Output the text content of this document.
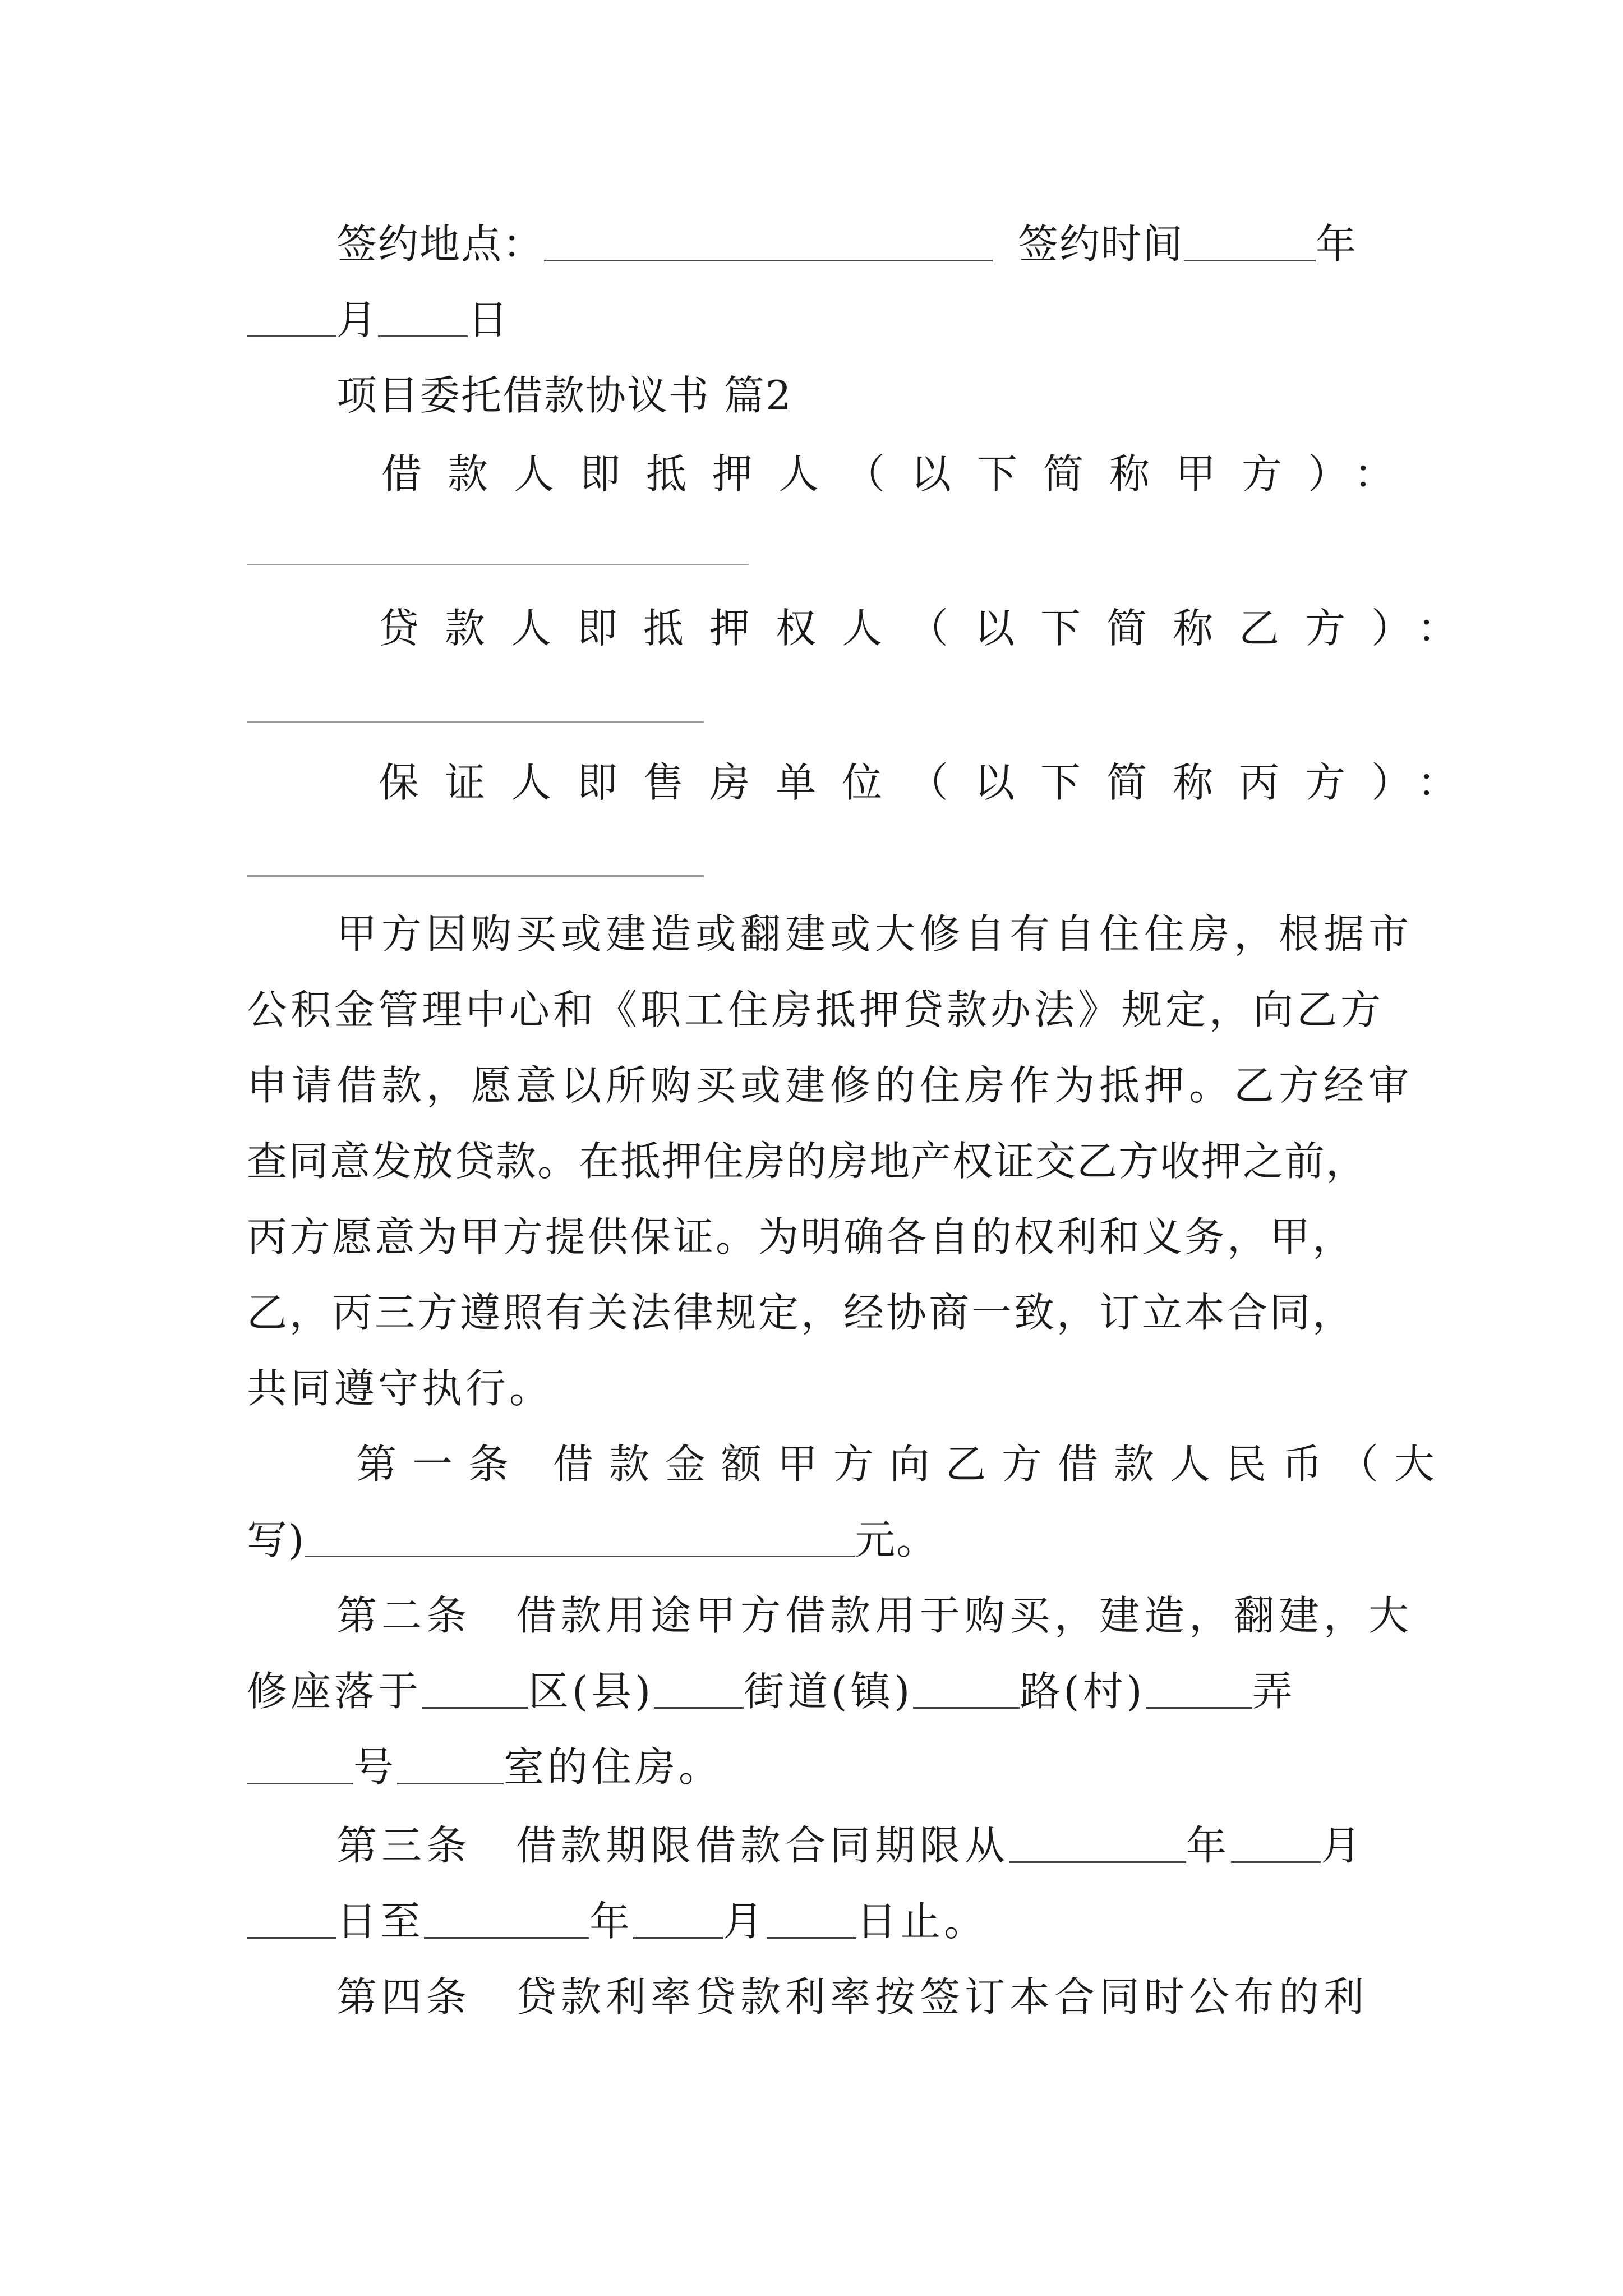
签约地点：	签约时间	年
月 日
项目委托借款协议书 篇2
借款人即抵押人（以下简称甲方）：
贷款人即抵押权人（以下简称乙方）：
保证人即售房单位（以下简称丙方）：
甲方因购买或建造或翻建或大修自有自住住房，根据市
公积金管理中心和《职工住房抵押贷款办法》规定，向乙方
申请借款，愿意以所购买或建修的住房作为抵押。乙方经审
查同意发放贷款。在抵押住房的房地产权证交乙方收押之前，
丙方愿意为甲方提供保证。为明确各自的权利和义务，甲，
乙，丙三方遵照有关法律规定，经协商一致，订立本合同，
共同遵守执行。
第一条 借款金额甲方向乙方借款人民币（大
写)	元。
第二条　借款用途甲方借款用于购买，建造，翻建，大
修座落于	区(县) 街道(镇)	路(村)	弄
号	室的住房。
第三条　借款期限借款合同期限从	年 月
日至	年 月 日止。
第四条　贷款利率贷款利率按签订本合同时公布的利
